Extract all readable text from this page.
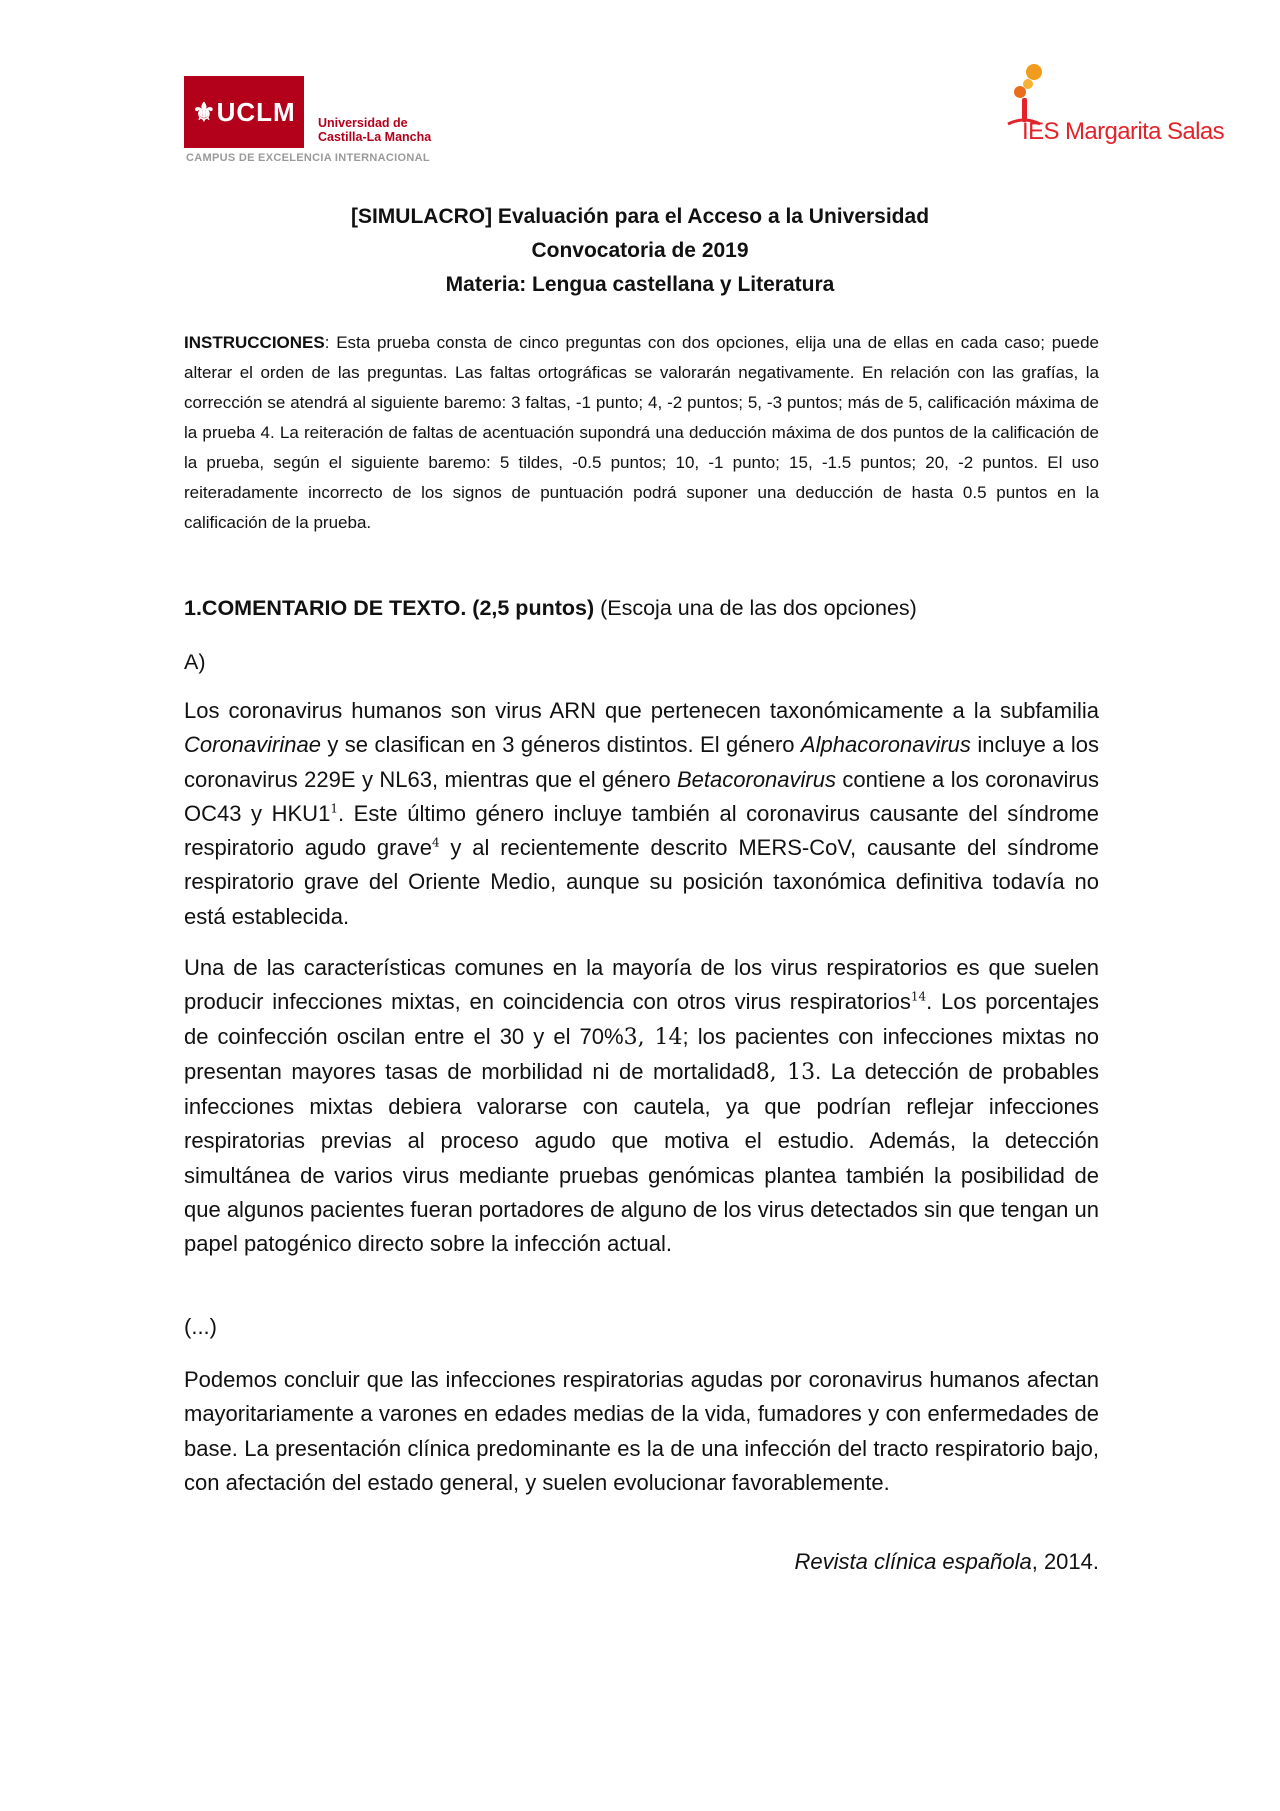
⚜UCLM Universidad de
Castilla-La Mancha
CAMPUS DE EXCELENCIA INTERNACIONAL
IES Margarita Salas
[SIMULACRO] Evaluación para el Acceso a la Universidad
Convocatoria de 2019
Materia: Lengua castellana y Literatura
INSTRUCCIONES: Esta prueba consta de cinco preguntas con dos opciones, elija una de ellas en cada caso; puede alterar el orden de las preguntas. Las faltas ortográficas se valorarán negativamente. En relación con las grafías, la corrección se atendrá al siguiente baremo: 3 faltas, -1 punto; 4, -2 puntos; 5, -3 puntos; más de 5, calificación máxima de la prueba 4. La reiteración de faltas de acentuación supondrá una deducción máxima de dos puntos de la calificación de la prueba, según el siguiente baremo: 5 tildes, -0.5 puntos; 10, -1 punto; 15, -1.5 puntos; 20, -2 puntos. El uso reiteradamente incorrecto de los signos de puntuación podrá suponer una deducción de hasta 0.5 puntos en la calificación de la prueba.
1.COMENTARIO DE TEXTO. (2,5 puntos) (Escoja una de las dos opciones)
A)

Los coronavirus humanos son virus ARN que pertenecen taxonómicamente a la subfamilia Coronavirinae y se clasifican en 3 géneros distintos. El género Alphacoronavirus incluye a los coronavirus 229E y NL63, mientras que el género Betacoronavirus contiene a los coronavirus OC43 y HKU1$^1$. Este último género incluye también al coronavirus causante del síndrome respiratorio agudo grave$^4$ y al recientemente descrito MERS-CoV, causante del síndrome respiratorio grave del Oriente Medio, aunque su posición taxonómica definitiva todavía no está establecida.

Una de las características comunes en la mayoría de los virus respiratorios es que suelen producir infecciones mixtas, en coincidencia con otros virus respiratorios$^{14}$. Los porcentajes de coinfección oscilan entre el 30 y el 70%3, 14; los pacientes con infecciones mixtas no presentan mayores tasas de morbilidad ni de mortalidad8, 13. La detección de probables infecciones mixtas debiera valorarse con cautela, ya que podrían reflejar infecciones respiratorias previas al proceso agudo que motiva el estudio. Además, la detección simultánea de varios virus mediante pruebas genómicas plantea también la posibilidad de que algunos pacientes fueran portadores de alguno de los virus detectados sin que tengan un papel patogénico directo sobre la infección actual.

(...)

Podemos concluir que las infecciones respiratorias agudas por coronavirus humanos afectan mayoritariamente a varones en edades medias de la vida, fumadores y con enfermedades de base. La presentación clínica predominante es la de una infección del tracto respiratorio bajo, con afectación del estado general, y suelen evolucionar favorablemente.

Revista clínica española, 2014.
